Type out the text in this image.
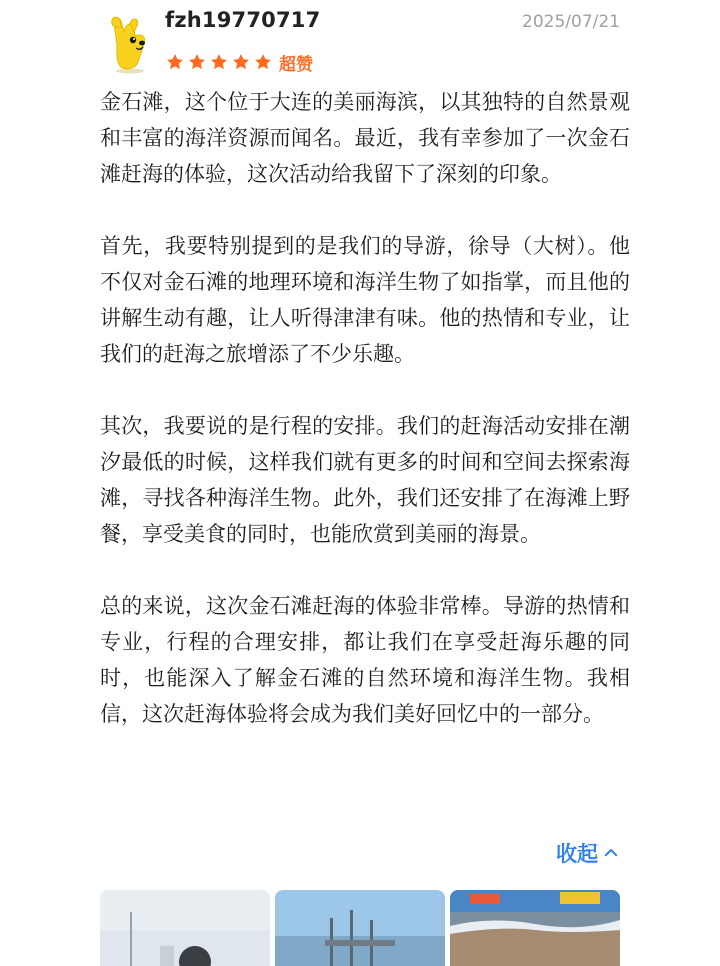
fzh19770717	2025/07/21
超赞

金石滩，这个位于大连的美丽海滨，以其独特的自然景观和丰富的海洋资源而闻名。最近，我有幸参加了一次金石滩赶海的体验，这次活动给我留下了深刻的印象。

首先，我要特别提到的是我们的导游，徐导（大树）。他不仅对金石滩的地理环境和海洋生物了如指掌，而且他的讲解生动有趣，让人听得津津有味。他的热情和专业，让我们的赶海之旅增添了不少乐趣。

其次，我要说的是行程的安排。我们的赶海活动安排在潮汐最低的时候，这样我们就有更多的时间和空间去探索海滩，寻找各种海洋生物。此外，我们还安排了在海滩上野餐，享受美食的同时，也能欣赏到美丽的海景。

总的来说，这次金石滩赶海的体验非常棒。导游的热情和专业，行程的合理安排，都让我们在享受赶海乐趣的同时，也能深入了解金石滩的自然环境和海洋生物。我相信，这次赶海体验将会成为我们美好回忆中的一部分。

收起
